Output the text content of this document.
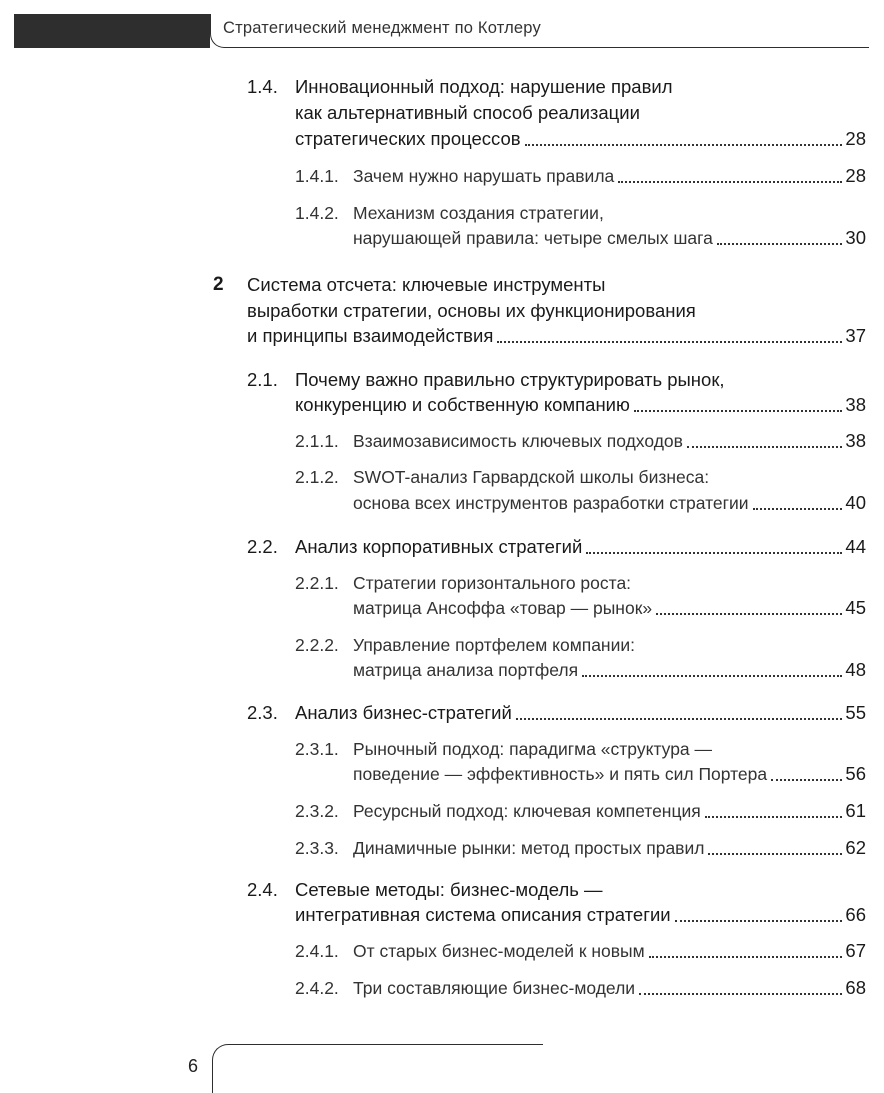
Стратегический менеджмент по Котлеру
1.4. Инновационный подход: нарушение правил
как альтернативный способ реализации
стратегических процессов	28
1.4.1. Зачем нужно нарушать правила	28
1.4.2. Механизм создания стратегии,
нарушающей правила: четыре смелых шага	30
2 Система отсчета: ключевые инструменты
выработки стратегии, основы их функционирования
и принципы взаимодействия	37
2.1. Почему важно правильно структурировать рынок,
конкуренцию и собственную компанию	38
2.1.1. Взаимозависимость ключевых подходов	38
2.1.2. SWOT-анализ Гарвардской школы бизнеса:
основа всех инструментов разработки стратегии	40
2.2. Анализ корпоративных стратегий	44
2.2.1. Стратегии горизонтального роста:
матрица Ансоффа «товар — рынок»	45
2.2.2. Управление портфелем компании:
матрица анализа портфеля	48
2.3. Анализ бизнес-стратегий	55
2.3.1. Рыночный подход: парадигма «структура —
поведение — эффективность» и пять сил Портера	56
2.3.2. Ресурсный подход: ключевая компетенция	61
2.3.3. Динамичные рынки: метод простых правил	62
2.4. Сетевые методы: бизнес-модель —
интегративная система описания стратегии	66
2.4.1. От старых бизнес-моделей к новым	67
2.4.2. Три составляющие бизнес-модели	68
6
